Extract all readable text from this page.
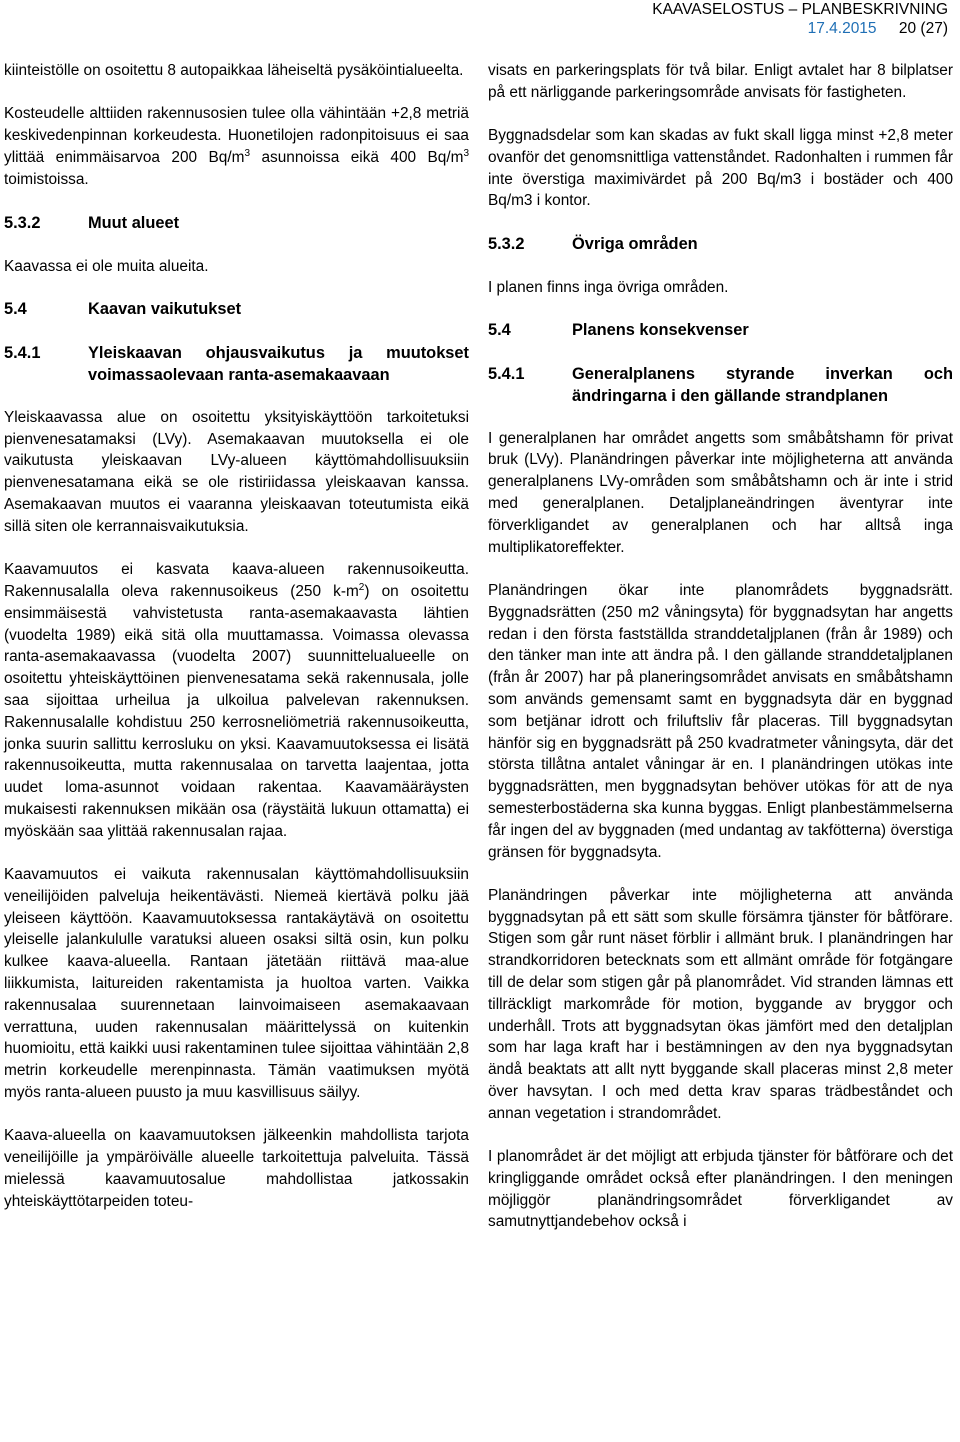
KAAVASELOSTUS – PLANBESKRIVNING
17.4.2015 20 (27)

kiinteistölle on osoitettu 8 autopaikkaa läheiseltä pysäköintialueelta.

Kosteudelle alttiiden rakennusosien tulee olla vähintään +2,8 metriä keskivedenpinnan korkeudesta. Huonetilojen radonpitoisuus ei saa ylittää enimmäisarvoa 200 $Bq/m^3$ asunnoissa eikä 400 $Bq/m^3$ toimistoissa.

5.3.2	Muut alueet

Kaavassa ei ole muita alueita.

5.4	Kaavan vaikutukset
5.4.1	Yleiskaavan ohjausvaikutus ja muutokset voimassaolevaan ranta-asemakaavaan

Yleiskaavassa alue on osoitettu yksityiskäyttöön tarkoitetuksi pienvenesatamaksi (LVy). Asemakaavan muutoksella ei ole vaikutusta yleiskaavan LVy-alueen käyttömahdollisuuksiin pienvenesatamana eikä se ole ristiriidassa yleiskaavan kanssa. Asemakaavan muutos ei vaaranna yleiskaavan toteutumista eikä sillä siten ole kerrannaisvaikutuksia.

Kaavamuutos ei kasvata kaava-alueen rakennusoikeutta. Rakennusalalla oleva rakennusoikeus (250 $k-m^2$) on osoitettu ensimmäisestä vahvistetusta ranta-asemakaavasta lähtien (vuodelta 1989) eikä sitä olla muuttamassa. Voimassa olevassa ranta-asemakaavassa (vuodelta 2007) suunnittelualueelle on osoitettu yhteiskäyttöinen pienvenesatama sekä rakennusala, jolle saa sijoittaa urheilua ja ulkoilua palvelevan rakennuksen. Rakennusalalle kohdistuu 250 kerrosneliömetriä rakennusoikeutta, jonka suurin sallittu kerrosluku on yksi. Kaavamuutoksessa ei lisätä rakennusoikeutta, mutta rakennusalaa on tarvetta laajentaa, jotta uudet loma-asunnot voidaan rakentaa. Kaavamääräysten mukaisesti rakennuksen mikään osa (räystäitä lukuun ottamatta) ei myöskään saa ylittää rakennusalan rajaa.

Kaavamuutos ei vaikuta rakennusalan käyttömahdollisuuksiin veneilijöiden palveluja heikentävästi. Niemeä kiertävä polku jää yleiseen käyttöön. Kaavamuutoksessa rantakäytävä on osoitettu yleiselle jalankululle varatuksi alueen osaksi siltä osin, kun polku kulkee kaava-alueella. Rantaan jätetään riittävä maa-alue liikkumista, laitureiden rakentamista ja huoltoa varten. Vaikka rakennusalaa suurennetaan lainvoimaiseen asemakaavaan verrattuna, uuden rakennusalan määrittelyssä on kuitenkin huomioitu, että kaikki uusi rakentaminen tulee sijoittaa vähintään 2,8 metrin korkeudelle merenpinnasta. Tämän vaatimuksen myötä myös ranta-alueen puusto ja muu kasvillisuus säilyy.

Kaava-alueella on kaavamuutoksen jälkeenkin mahdollista tarjota veneilijöille ja ympäröivälle alueelle tarkoitettuja palveluita. Tässä mielessä kaavamuutosalue mahdollistaa jatkossakin yhteiskäyttötarpeiden toteu-

visats en parkeringsplats för två bilar. Enligt avtalet har 8 bilplatser på ett närliggande parkeringsområde anvisats för fastigheten.

Byggnadsdelar som kan skadas av fukt skall ligga minst +2,8 meter ovanför det genomsnittliga vattenståndet. Radonhalten i rummen får inte överstiga maximivärdet på 200 Bq/m3 i bostäder och 400 Bq/m3 i kontor.

5.3.2	Övriga områden

I planen finns inga övriga områden.

5.4	Planens konsekvenser
5.4.1	Generalplanens styrande inverkan och ändringarna i den gällande strandplanen

I generalplanen har området angetts som småbåtshamn för privat bruk (LVy). Planändringen påverkar inte möjligheterna att använda generalplanens LVy-områden som småbåtshamn och är inte i strid med generalplanen. Detaljplaneändringen äventyrar inte förverkligandet av generalplanen och har alltså inga multiplikatoreffekter.

Planändringen ökar inte planområdets byggnadsrätt. Byggnadsrätten (250 m2 våningsyta) för byggnadsytan har angetts redan i den första fastställda stranddetaljplanen (från år 1989) och den tänker man inte att ändra på. I den gällande stranddetaljplanen (från år 2007) har på planeringsområdet anvisats en småbåtshamn som används gemensamt samt en byggnadsyta där en byggnad som betjänar idrott och friluftsliv får placeras. Till byggnadsytan hänför sig en byggnadsrätt på 250 kvadratmeter våningsyta, där det största tillåtna antalet våningar är en. I planändringen utökas inte byggnadsrätten, men byggnadsytan behöver utökas för att de nya semesterbostäderna ska kunna byggas. Enligt planbestämmelserna får ingen del av byggnaden (med undantag av takfötterna) överstiga gränsen för byggnadsyta.

Planändringen påverkar inte möjligheterna att använda byggnadsytan på ett sätt som skulle försämra tjänster för båtförare. Stigen som går runt näset förblir i allmänt bruk. I planändringen har strandkorridoren betecknats som ett allmänt område för fotgängare till de delar som stigen går på planområdet. Vid stranden lämnas ett tillräckligt markområde för motion, byggande av bryggor och underhåll. Trots att byggnadsytan ökas jämfört med den detaljplan som har laga kraft har i bestämningen av den nya byggnadsytan ändå beaktats att allt nytt byggande skall placeras minst 2,8 meter över havsytan. I och med detta krav sparas trädbeståndet och annan vegetation i strandområdet.

I planområdet är det möjligt att erbjuda tjänster för båtförare och det kringliggande området också efter planändringen. I den meningen möjliggör planändringsområdet förverkligandet av samutnyttjandebehov också i
